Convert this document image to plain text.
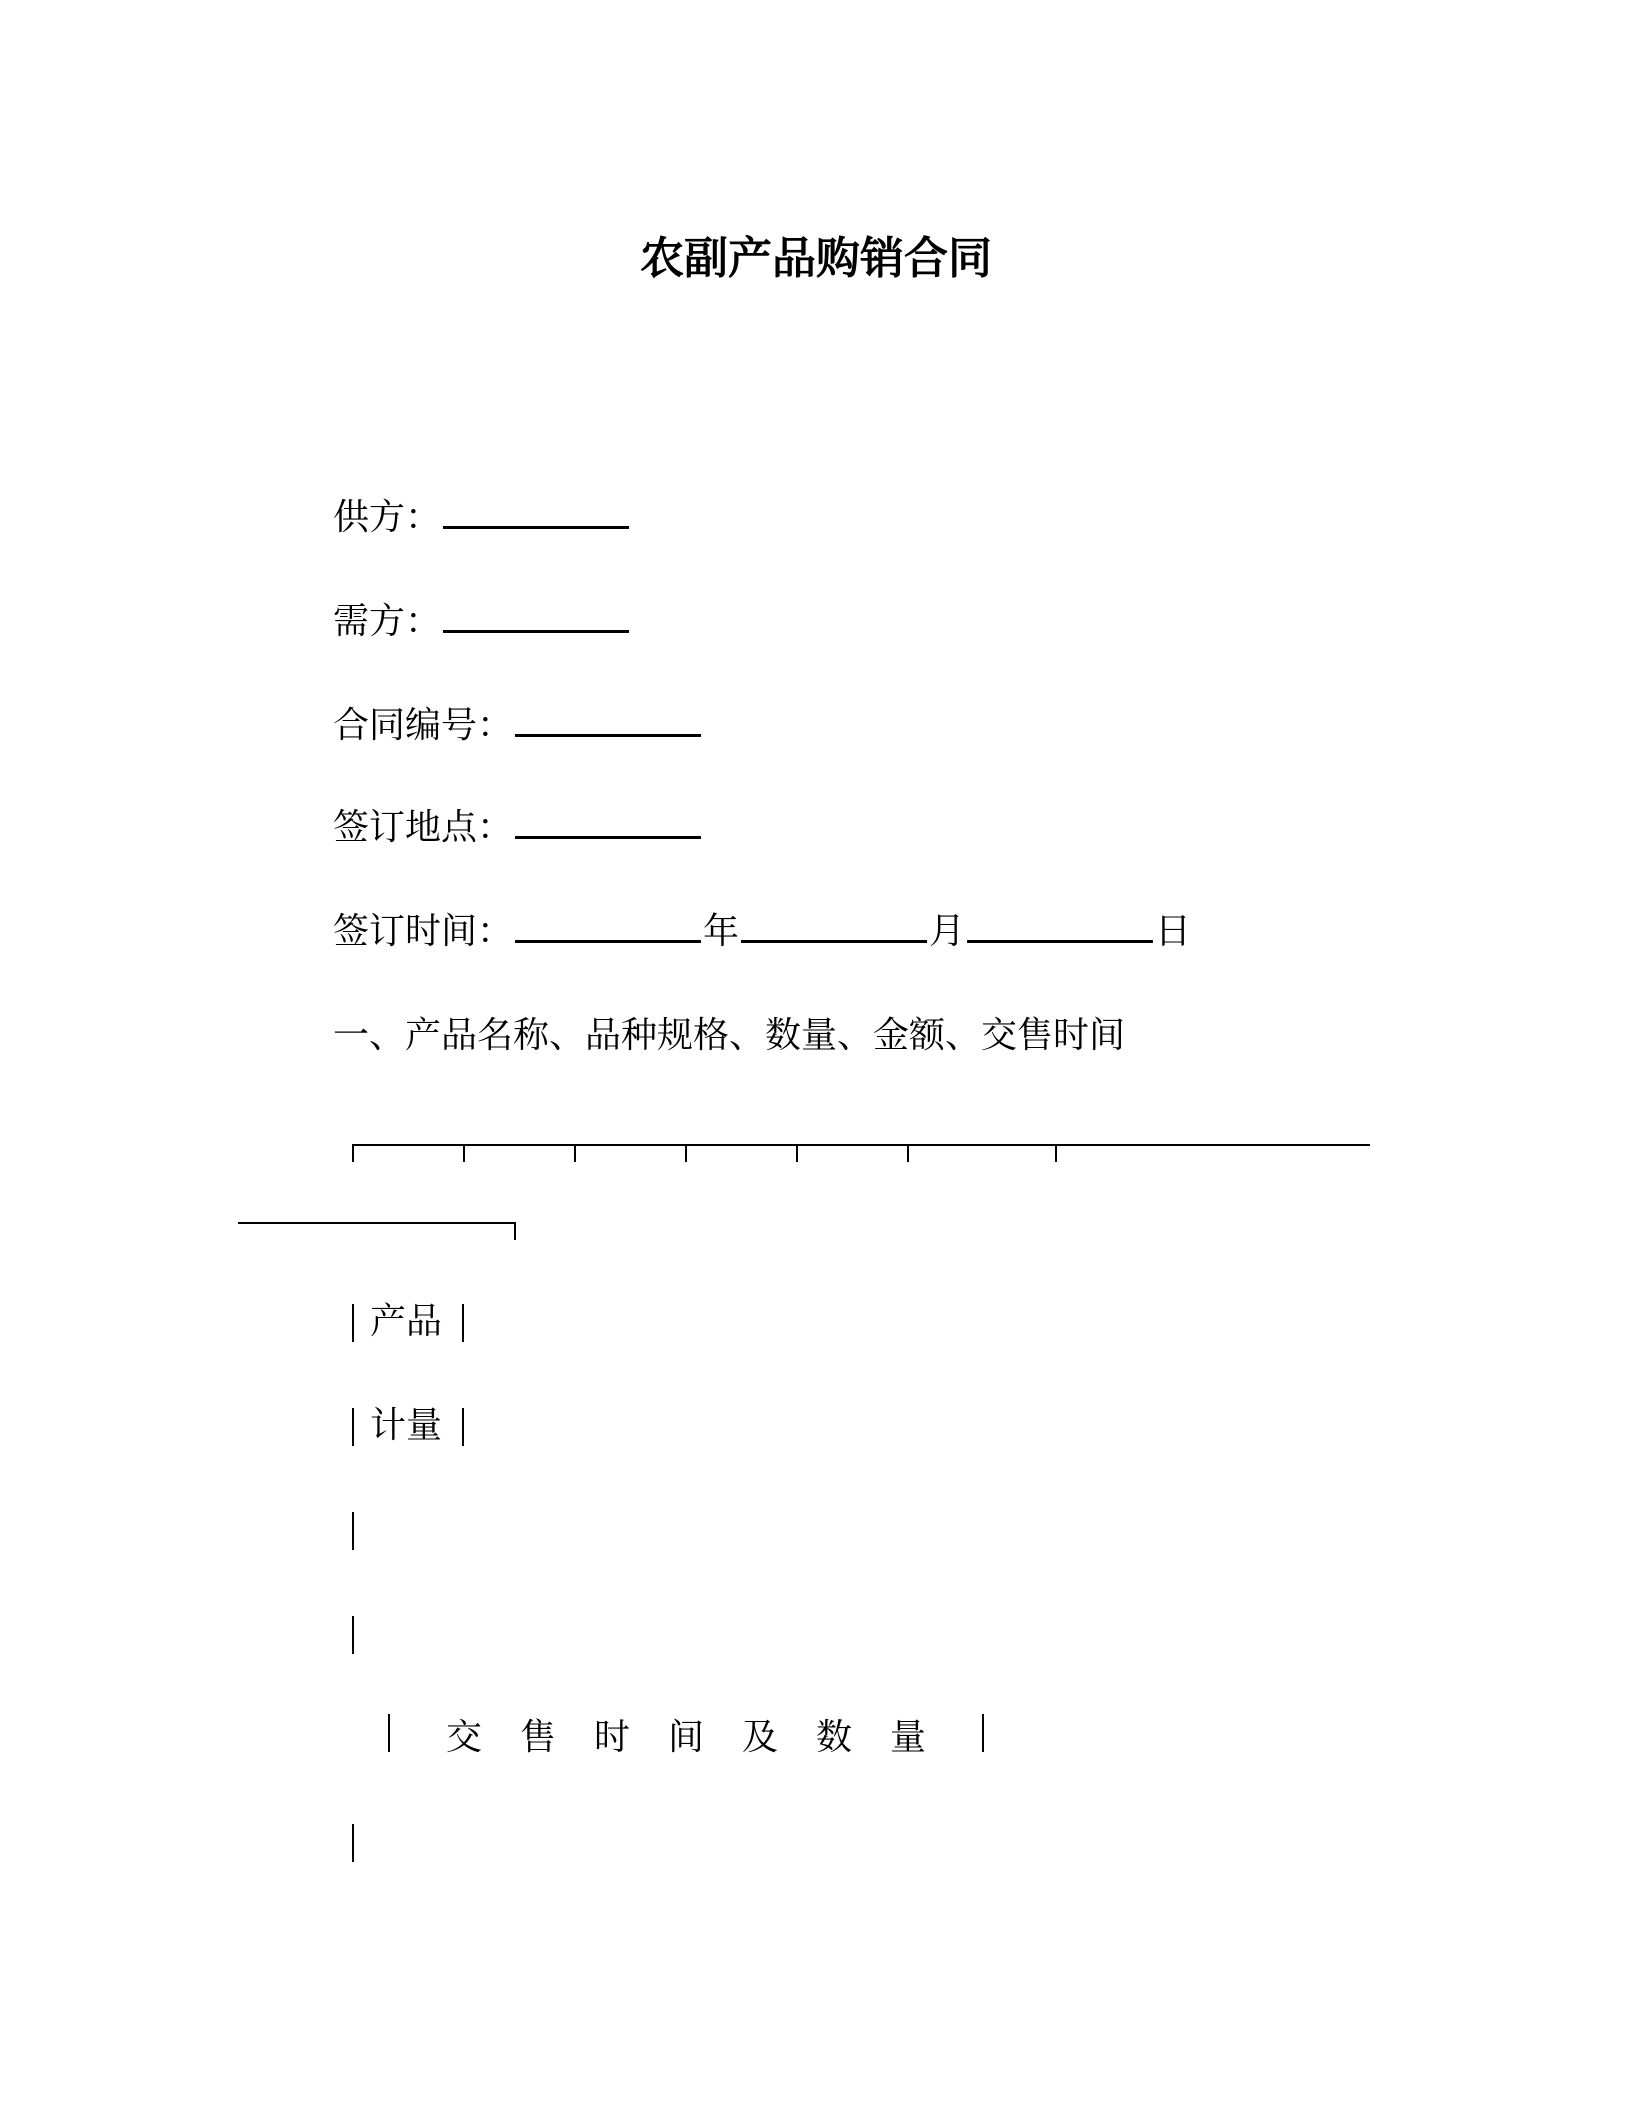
农副产品购销合同
供方：
需方：
合同编号：
签订地点：
签订时间：	年	月	日
一、产品名称、品种规格、数量、金额、交售时间
产品
计量
交售时间及数量
